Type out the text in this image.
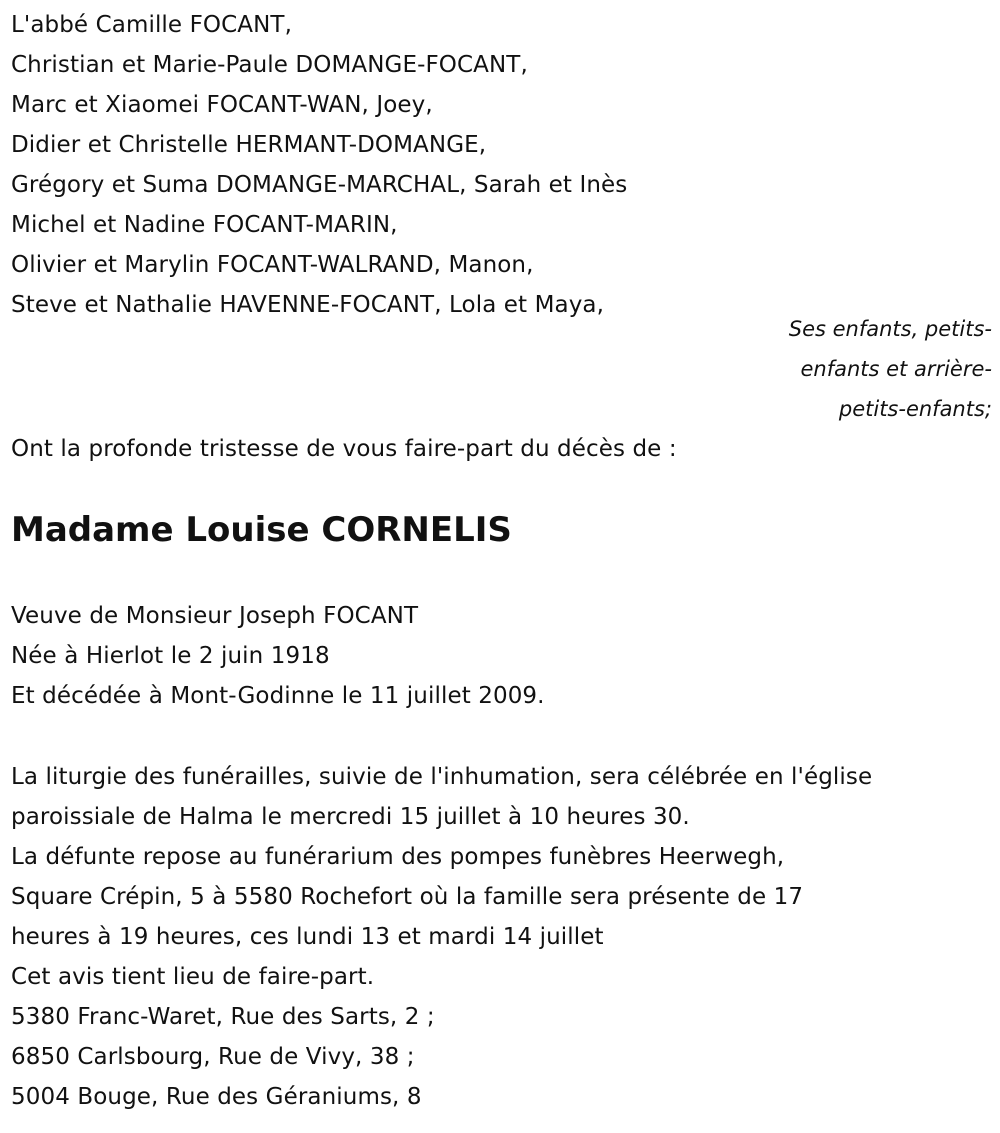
L'abbé Camille FOCANT,
Christian et Marie-Paule DOMANGE-FOCANT,
Marc et Xiaomei FOCANT-WAN, Joey,
Didier et Christelle HERMANT-DOMANGE,
Grégory et Suma DOMANGE-MARCHAL, Sarah et Inès
Michel et Nadine FOCANT-MARIN,
Olivier et Marylin FOCANT-WALRAND, Manon,
Steve et Nathalie HAVENNE-FOCANT, Lola et Maya,
Ses enfants, petits-
enfants et arrière-
petits-enfants;
Ont la profonde tristesse de vous faire-part du décès de :
Madame Louise CORNELIS
Veuve de Monsieur Joseph FOCANT
Née à Hierlot le 2 juin 1918
Et décédée à Mont-Godinne le 11 juillet 2009.
La liturgie des funérailles, suivie de l'inhumation, sera célébrée en l'église
paroissiale de Halma le mercredi 15 juillet à 10 heures 30.
La défunte repose au funérarium des pompes funèbres Heerwegh,
Square Crépin, 5 à 5580 Rochefort où la famille sera présente de 17
heures à 19 heures, ces lundi 13 et mardi 14 juillet
Cet avis tient lieu de faire-part.
5380 Franc-Waret, Rue des Sarts, 2 ;
6850 Carlsbourg, Rue de Vivy, 38 ;
5004 Bouge, Rue des Géraniums, 8
